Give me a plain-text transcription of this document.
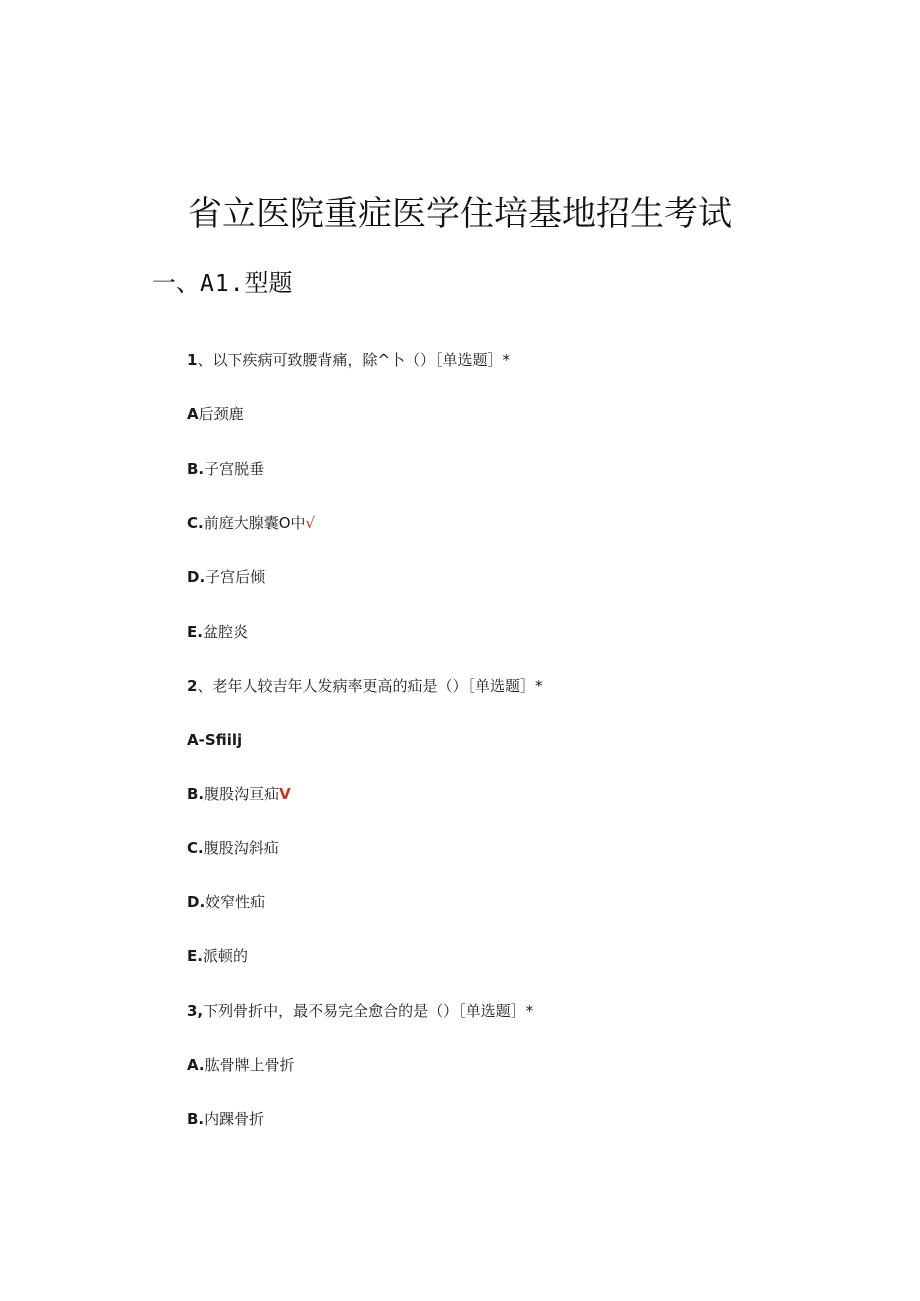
省立医院重症医学住培基地招生考试
一、A1.型题
1、以下疾病可致腰背痛，除^卜（）［单选题］*
A后颈鹿
B.子宫脱垂
C.前庭大腺囊O中√
D.子宫后倾
E.盆腔炎
2、老年人较吉年人发病率更高的疝是（）［单选题］*
A-Sfiilj
B.腹股沟亘疝V
C.腹股沟斜疝
D.姣窄性疝
E.派顿的
3,下列骨折中，最不易完全愈合的是（）［单选题］*
A.肱骨牌上骨折
B.内踝骨折
